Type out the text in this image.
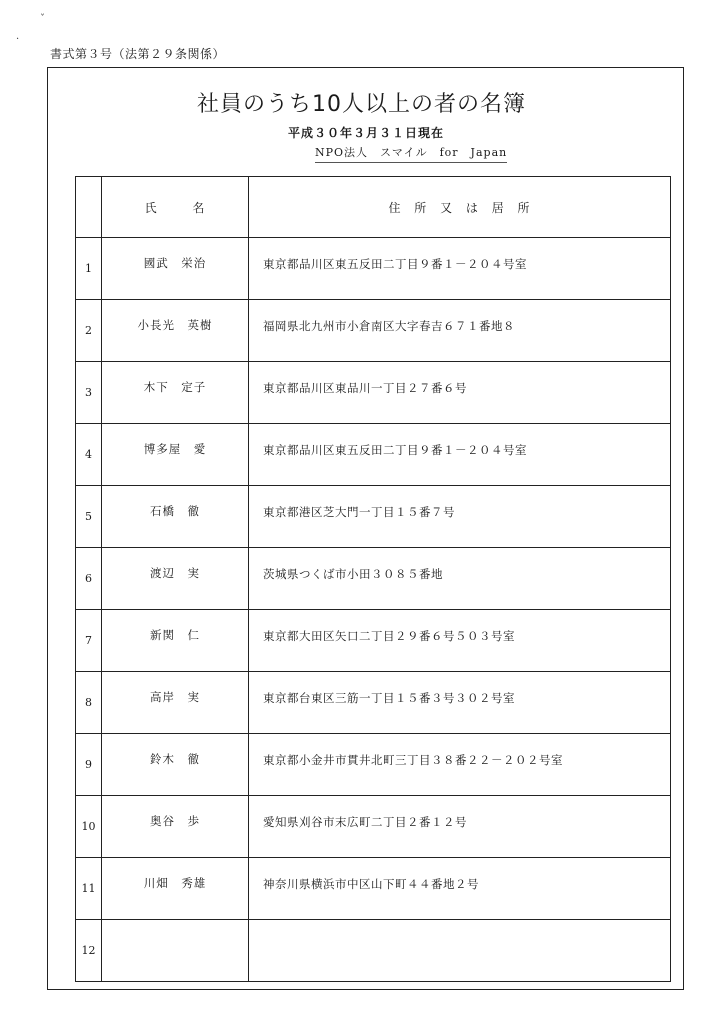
ˇ
·
書式第３号（法第２９条関係）
社員のうち10人以上の者の名簿
平成３０年３月３１日現在
NPO法人　スマイル　for　Japan
	氏 名	住 所 又 は 居 所
1	國武　栄治	東京都品川区東五反田二丁目９番１－２０４号室

2	小長光　英樹	福岡県北九州市小倉南区大字春吉６７１番地８

3	木下　定子	東京都品川区東品川一丁目２７番６号

4	博多屋　愛	東京都品川区東五反田二丁目９番１－２０４号室

5	石橋　徹	東京都港区芝大門一丁目１５番７号

6	渡辺　実	茨城県つくば市小田３０８５番地

7	新関　仁	東京都大田区矢口二丁目２９番６号５０３号室

8	高岸　実	東京都台東区三筋一丁目１５番３号３０２号室

9	鈴木　徹	東京都小金井市貫井北町三丁目３８番２２－２０２号室

10	奥谷　歩	愛知県刈谷市末広町二丁目２番１２号

11	川畑　秀雄	神奈川県横浜市中区山下町４４番地２号

12	
